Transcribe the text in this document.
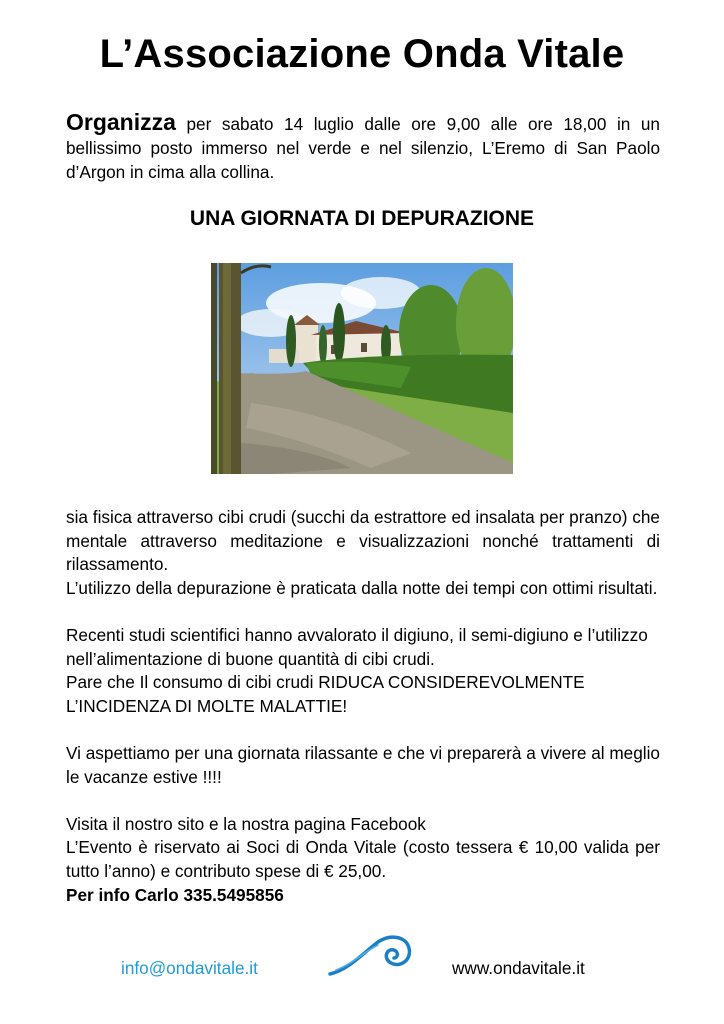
L’Associazione Onda Vitale
Organizza per sabato 14 luglio dalle ore 9,00 alle ore 18,00 in un bellissimo posto immerso nel verde e nel silenzio, L’Eremo di San Paolo d’Argon in cima alla collina.
UNA GIORNATA DI DEPURAZIONE

sia fisica attraverso cibi crudi (succhi da estrattore ed insalata per pranzo) che mentale attraverso meditazione e visualizzazioni nonché trattamenti di rilassamento.

L’utilizzo della depurazione è praticata dalla notte dei tempi con ottimi risultati.

Recenti studi scientifici hanno avvalorato il digiuno, il semi-digiuno e l’utilizzo nell’alimentazione di buone quantità di cibi crudi.

Pare che Il consumo di cibi crudi RIDUCA CONSIDEREVOLMENTE L’INCIDENZA DI MOLTE MALATTIE!

Vi aspettiamo per una giornata rilassante e che vi preparerà a vivere al meglio le vacanze estive !!!!

Visita il nostro sito e la nostra pagina Facebook

L’Evento è riservato ai Soci di Onda Vitale (costo tessera € 10,00 valida per tutto l’anno) e contributo spese di € 25,00.

Per info Carlo 335.5495856

info@ondavitale.it	www.ondavitale.it
